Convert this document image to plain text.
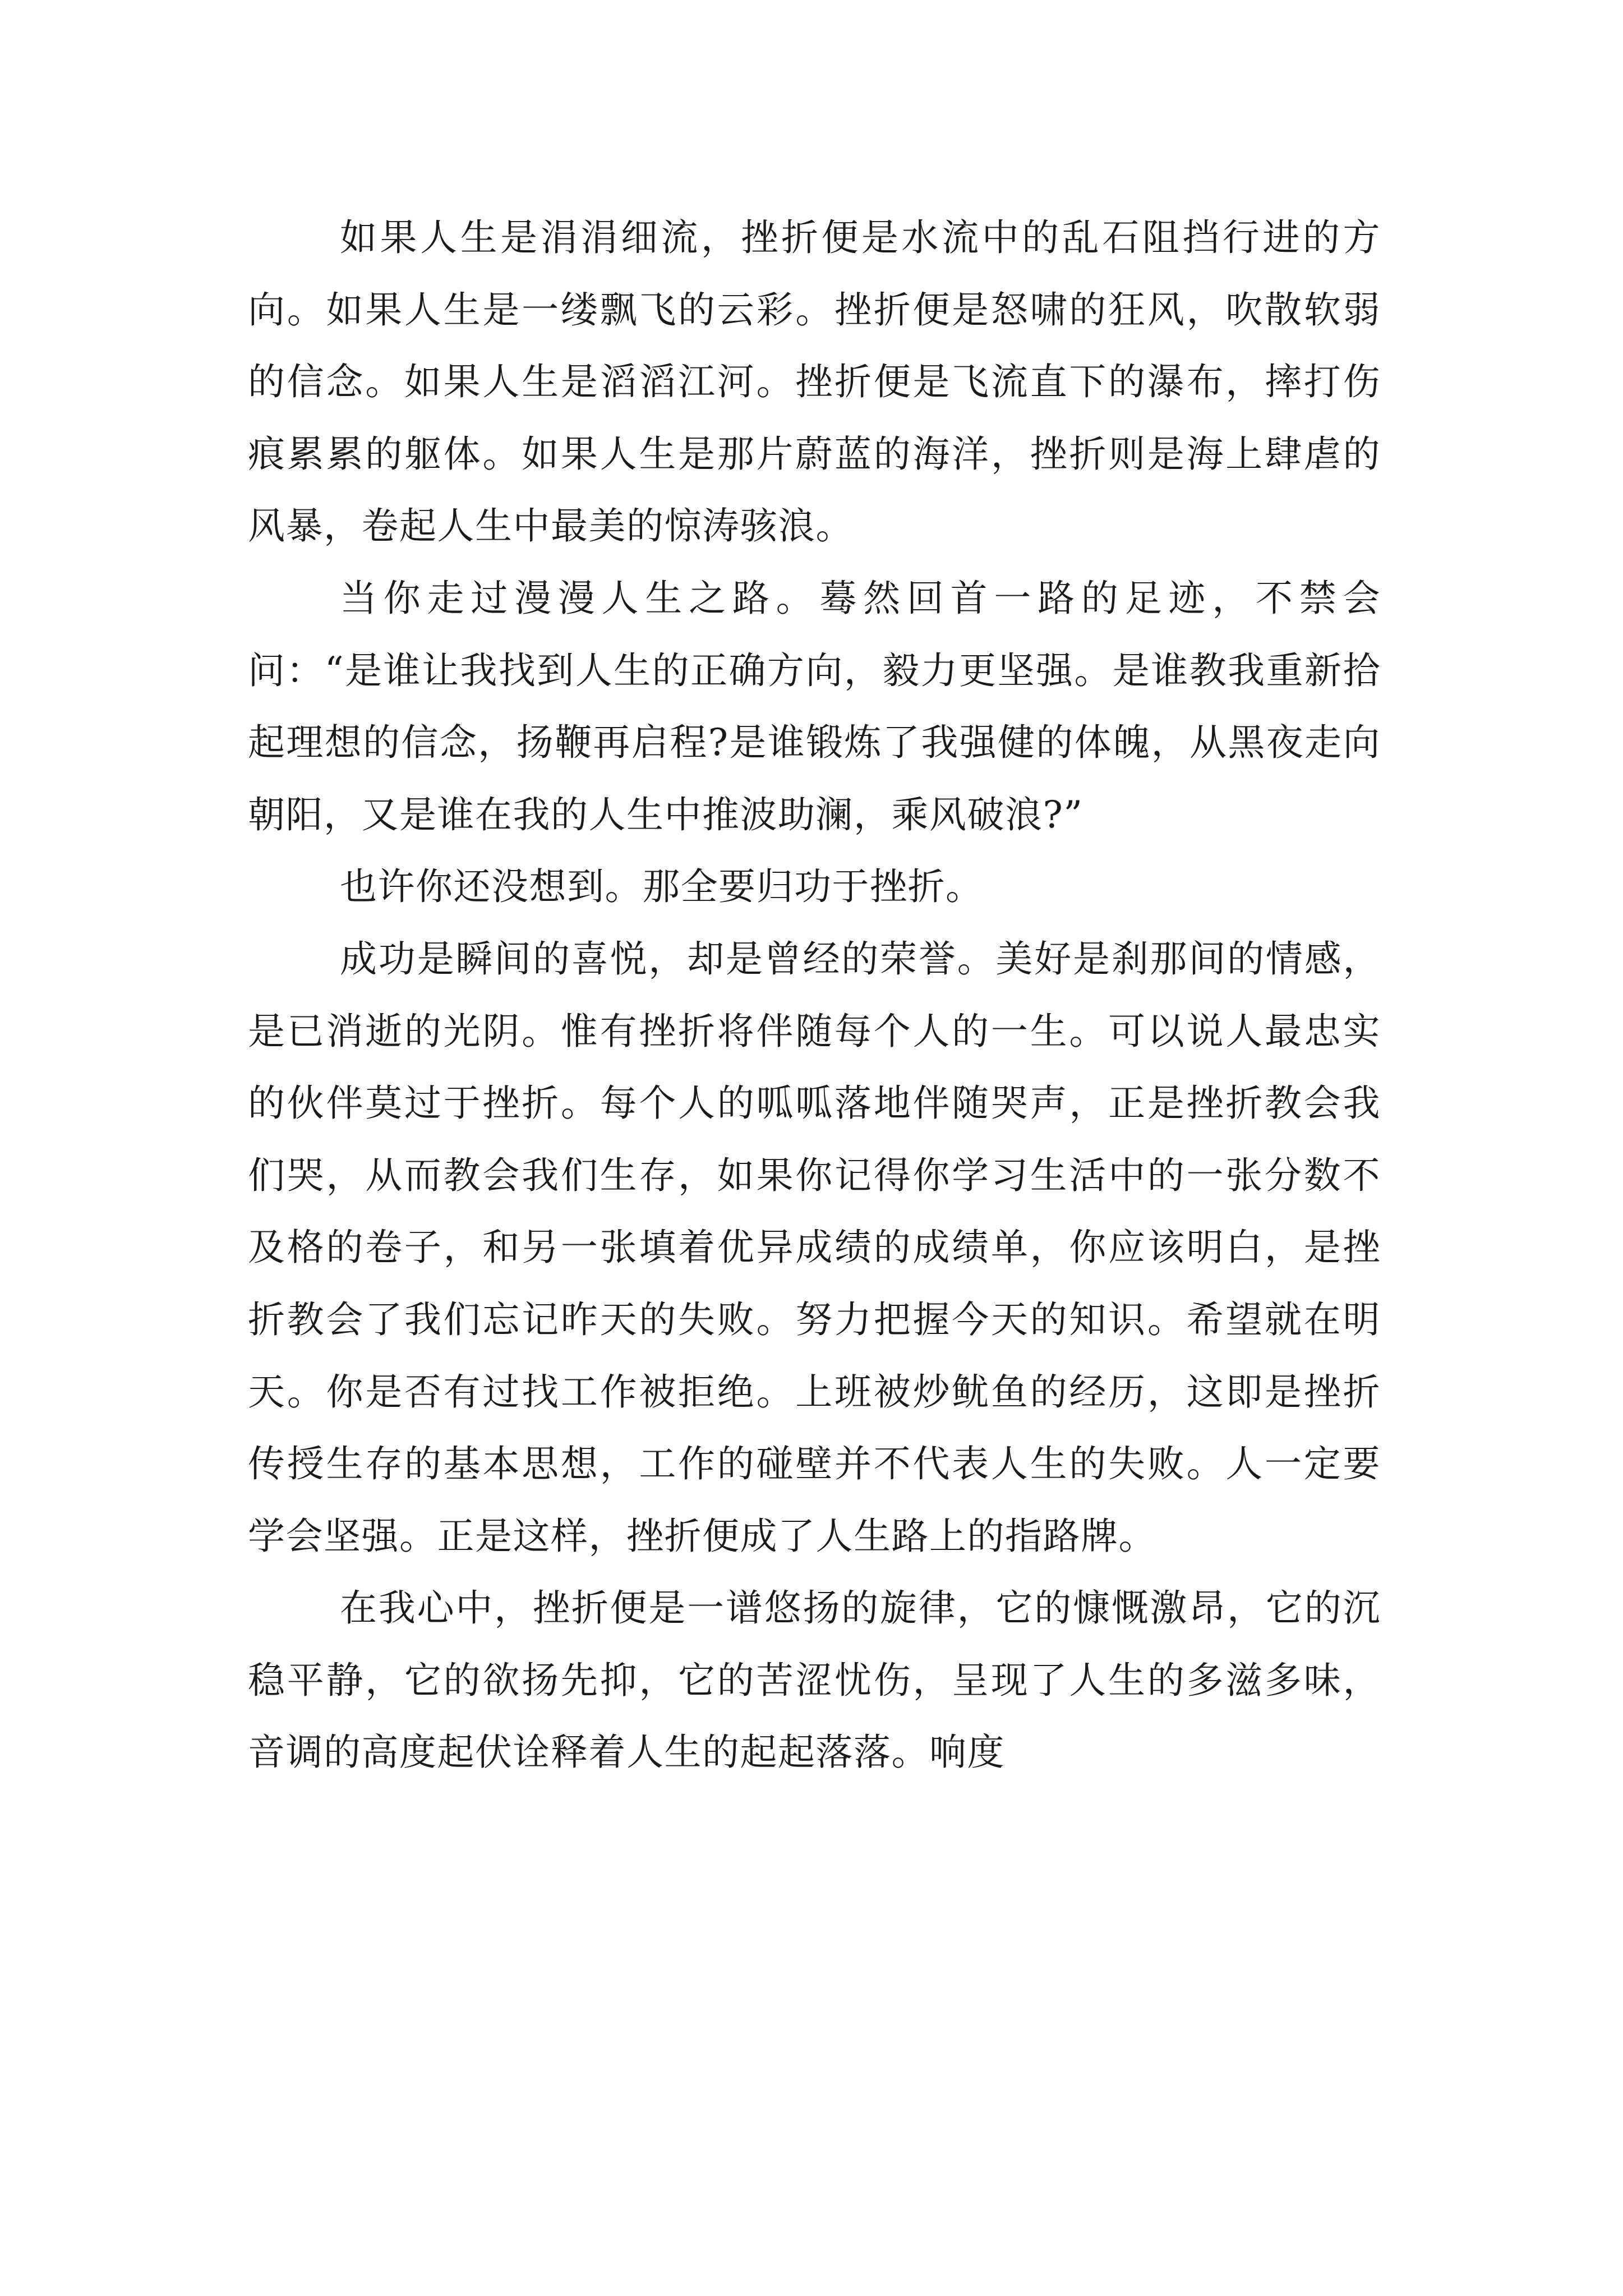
如果人生是涓涓细流，挫折便是水流中的乱石阻挡行进的方向。如果人生是一缕飘飞的云彩。挫折便是怒啸的狂风，吹散软弱的信念。如果人生是滔滔江河。挫折便是飞流直下的瀑布，摔打伤痕累累的躯体。如果人生是那片蔚蓝的海洋，挫折则是海上肆虐的风暴，卷起人生中最美的惊涛骇浪。

当你走过漫漫人生之路。蓦然回首一路的足迹，不禁会问：“是谁让我找到人生的正确方向，毅力更坚强。是谁教我重新拾起理想的信念，扬鞭再启程?是谁锻炼了我强健的体魄，从黑夜走向朝阳，又是谁在我的人生中推波助澜，乘风破浪?”

也许你还没想到。那全要归功于挫折。

成功是瞬间的喜悦，却是曾经的荣誉。美好是刹那间的情感，是已消逝的光阴。惟有挫折将伴随每个人的一生。可以说人最忠实的伙伴莫过于挫折。每个人的呱呱落地伴随哭声，正是挫折教会我们哭，从而教会我们生存，如果你记得你学习生活中的一张分数不及格的卷子，和另一张填着优异成绩的成绩单，你应该明白，是挫折教会了我们忘记昨天的失败。努力把握今天的知识。希望就在明天。你是否有过找工作被拒绝。上班被炒鱿鱼的经历，这即是挫折传授生存的基本思想，工作的碰壁并不代表人生的失败。人一定要学会坚强。正是这样，挫折便成了人生路上的指路牌。

在我心中，挫折便是一谱悠扬的旋律，它的慷慨激昂，它的沉稳平静，它的欲扬先抑，它的苦涩忧伤，呈现了人生的多滋多味，音调的高度起伏诠释着人生的起起落落。响度
